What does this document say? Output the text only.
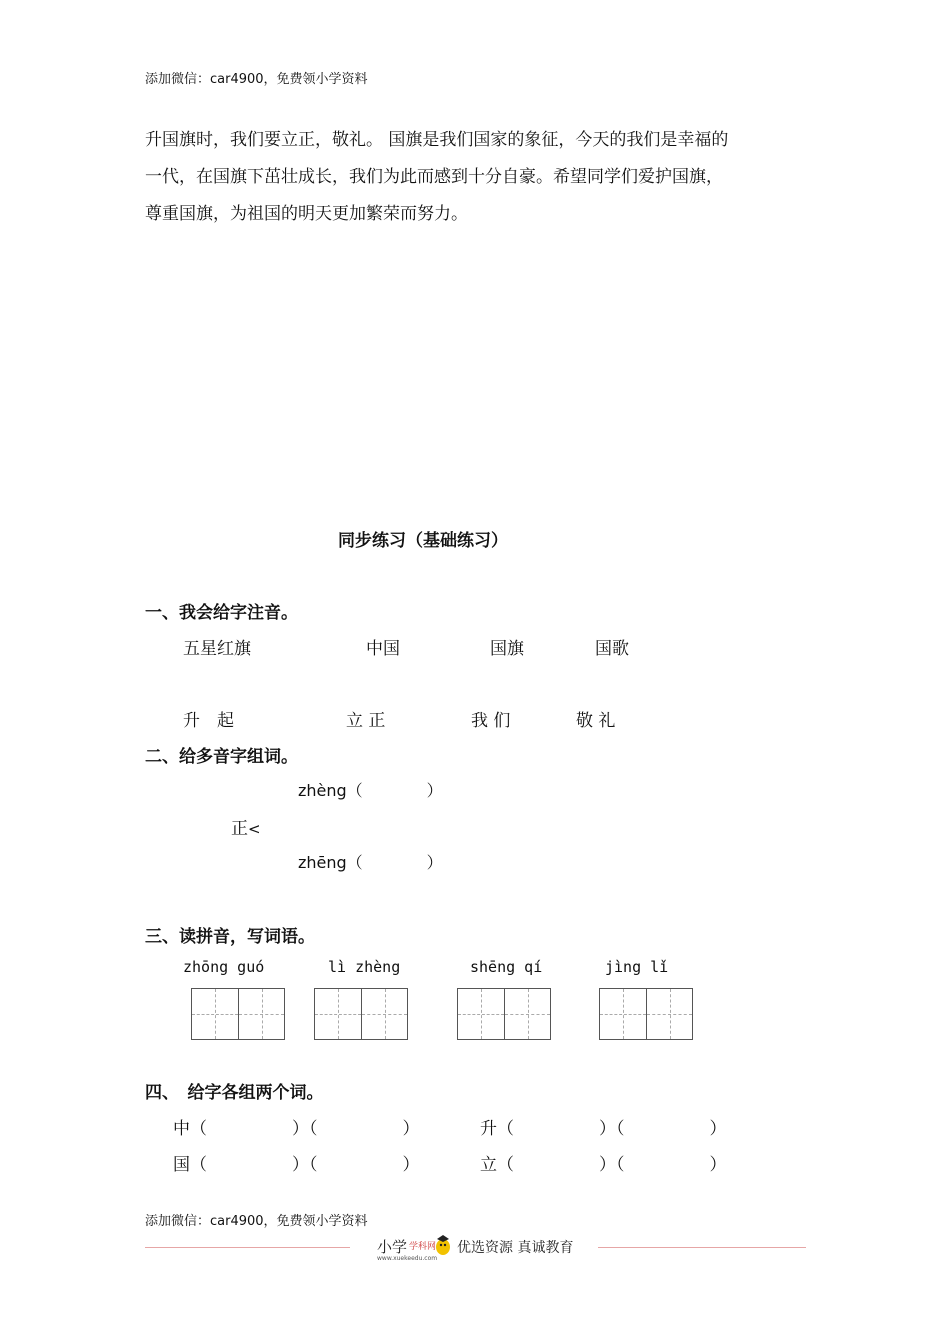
添加微信：car4900，免费领小学资料
升国旗时，我们要立正，敬礼。 国旗是我们国家的象征，今天的我们是幸福的
一代，在国旗下茁壮成长，我们为此而感到十分自豪。希望同学们爱护国旗，
尊重国旗，为祖国的明天更加繁荣而努力。
同步练习（基础练习）
一、我会给字注音。
五星红旗	中国	国旗	国歌
升　起	立 正	我 们	敬 礼
二、给多音字组词。
zhèng（　　　　）
正<
zhēng（　　　　）
三、读拼音，写词语。
zhōng guó	lì zhèng	shēng qí	jìng lǐ
四、　给字各组两个词。
中（　　　　　）（　　　　　）	升（　　　　　）（　　　　　）
国（　　　　　）（　　　　　）	立（　　　　　）（　　　　　）
添加微信：car4900，免费领小学资料
小学 学科网
www.xuekeedu.com
优选资源 真诚教育
